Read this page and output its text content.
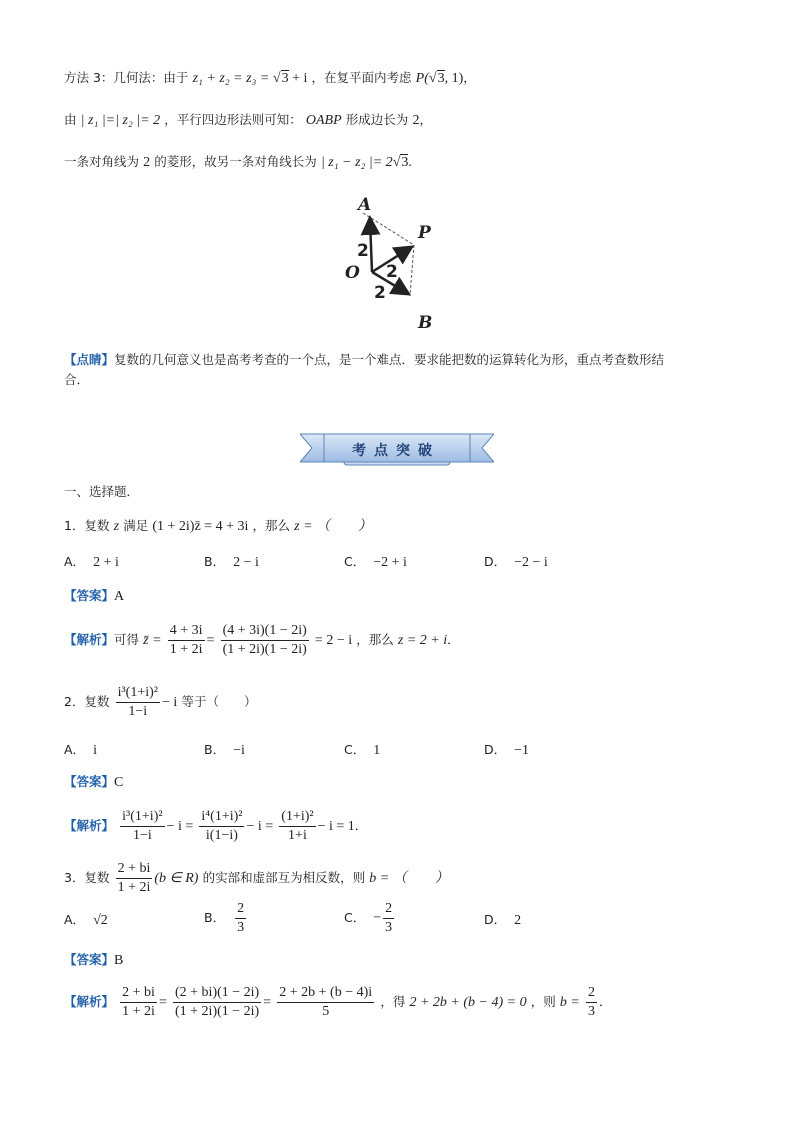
方法 3：几何法：由于 z₁ + z₂ = z₃ = √3 + i ，在复平面内考虑 P(√3, 1)，
由 | z₁ |=| z₂ |= 2 ，平行四边形法则可知： OABP 形成边长为 2，
一条对角线为 2 的菱形，故另一条对角线长为 | z₁ − z₂ |= 2√3.
A
P
O
B
2
2
2
【点睛】复数的几何意义也是高考考查的一个点，是一个难点．要求能把数的运算转化为形，重点考查数形结
合．
考点突破
一、选择题．
1．复数 z 满足 (1 + 2i)z̄ = 4 + 3i ，那么 z = （　　）
A． 2 + i	B． 2 − i	C． −2 + i	D． −2 − i
【答案】A
【解析】可得 z̄ = $\frac{4 + 3i}{1 + 2i} = \frac{(4 + 3i)(1 - 2i)}{(1 + 2i)(1 - 2i)} = 2 - i$ ，那么 z = 2 + i．
2．复数 $\frac{\text{i³(1+i)²}}{1-i} - i$ 等于（　　）
A． i	B． −i	C． 1	D． −1
【答案】C
【解析】 $\frac{\text{i³(1+i)²}}{1-i} - i = \frac{\text{i⁴(1+i)²}}{i(1-i)} - i = \frac{\text{(1+i)²}}{1+i} - i = 1$．
3．复数 $\frac{2 + bi}{1 + 2i} (b$ ∈ R) 的实部和虚部互为相反数，则 b = （　　）
A． √2	B． $\frac{2}{3}$	C． − $\frac{2}{3}$	D． 2
【答案】B
【解析】 $\frac{2 + bi}{1 + 2i} = \frac{(2 + bi)(1 - 2i)}{(1 + 2i)(1 - 2i)} = \frac{2 + 2b + (b - 4)i}{5}$ ，得 2 + 2b + (b − 4) = 0 ，则 $b = \frac{2}{3}$ ．
